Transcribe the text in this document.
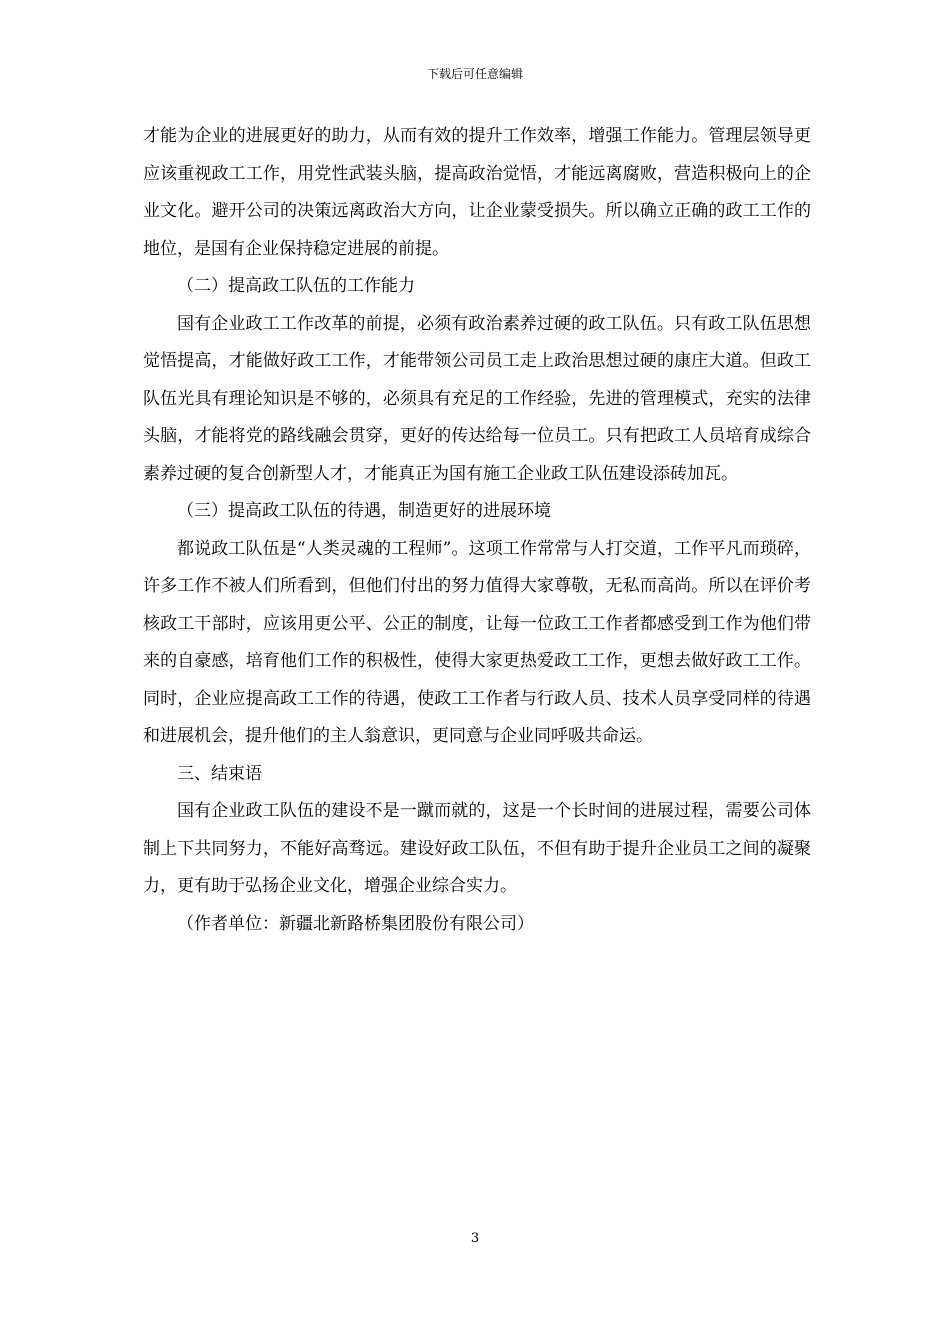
下载后可任意编辑

才能为企业的进展更好的助力，从而有效的提升工作效率，增强工作能力。管理层领导更应该重视政工工作，用党性武装头脑，提高政治觉悟，才能远离腐败，营造积极向上的企业文化。避开公司的决策远离政治大方向，让企业蒙受损失。所以确立正确的政工工作的地位，是国有企业保持稳定进展的前提。

（二）提高政工队伍的工作能力

国有企业政工工作改革的前提，必须有政治素养过硬的政工队伍。只有政工队伍思想觉悟提高，才能做好政工工作，才能带领公司员工走上政治思想过硬的康庄大道。但政工队伍光具有理论知识是不够的，必须具有充足的工作经验，先进的管理模式，充实的法律头脑，才能将党的路线融会贯穿，更好的传达给每一位员工。只有把政工人员培育成综合素养过硬的复合创新型人才，才能真正为国有施工企业政工队伍建设添砖加瓦。

（三）提高政工队伍的待遇，制造更好的进展环境

都说政工队伍是“人类灵魂的工程师”。这项工作常常与人打交道，工作平凡而琐碎，许多工作不被人们所看到，但他们付出的努力值得大家尊敬，无私而高尚。所以在评价考核政工干部时，应该用更公平、公正的制度，让每一位政工工作者都感受到工作为他们带来的自豪感，培育他们工作的积极性，使得大家更热爱政工工作，更想去做好政工工作。同时，企业应提高政工工作的待遇，使政工工作者与行政人员、技术人员享受同样的待遇和进展机会，提升他们的主人翁意识，更同意与企业同呼吸共命运。

三、结束语

国有企业政工队伍的建设不是一蹴而就的，这是一个长时间的进展过程，需要公司体制上下共同努力，不能好高骛远。建设好政工队伍，不但有助于提升企业员工之间的凝聚力，更有助于弘扬企业文化，增强企业综合实力。

（作者单位：新疆北新路桥集团股份有限公司）

3
